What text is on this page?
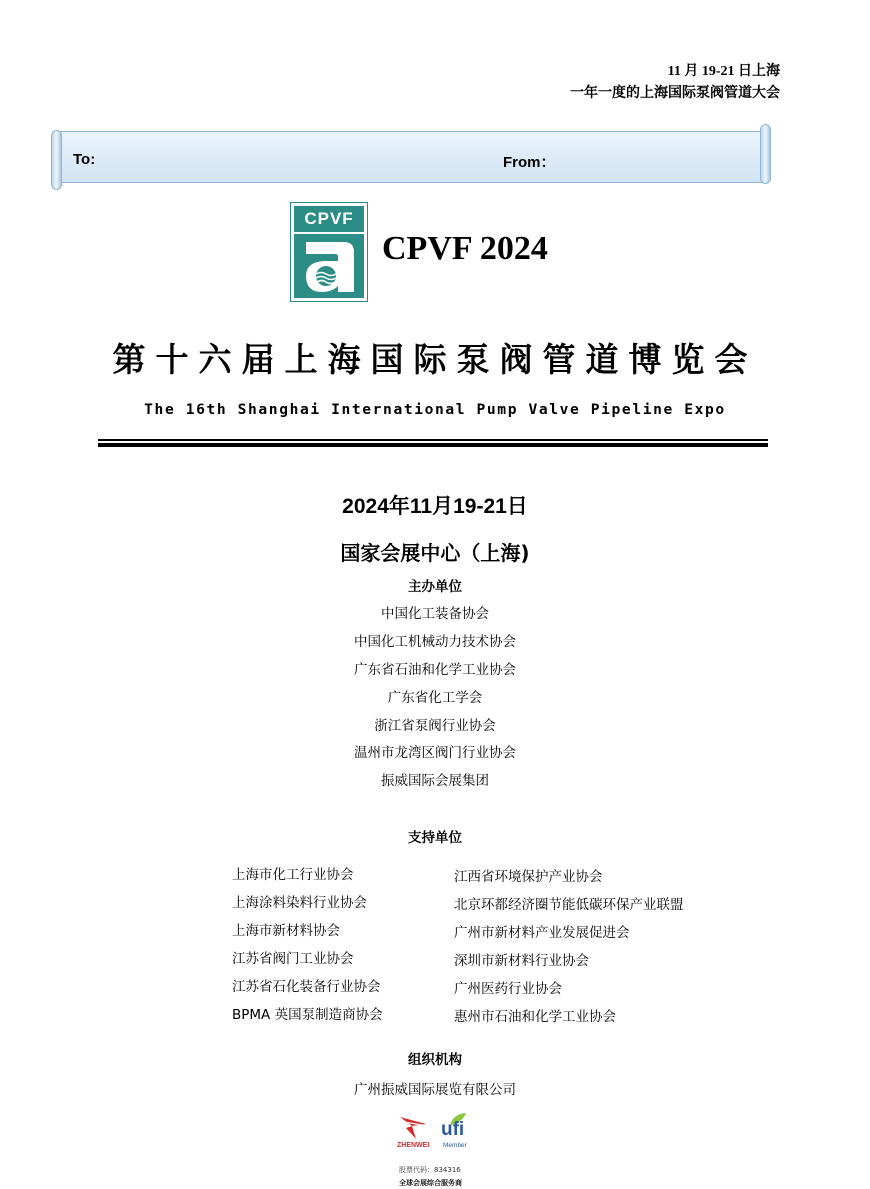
11 月 19-21 日上海
一年一度的上海国际泵阀管道大会
To:	From：
CPVF
CPVF 2024
第十六届上海国际泵阀管道博览会
The 16th Shanghai International Pump Valve Pipeline Expo
2024年11月19-21日
国家会展中心（上海)
主办单位
中国化工装备协会
中国化工机械动力技术协会
广东省石油和化学工业协会
广东省化工学会
浙江省泵阀行业协会
温州市龙湾区阀门行业协会
振威国际会展集团
支持单位
上海市化工行业协会
上海涂料染料行业协会
上海市新材料协会
江苏省阀门工业协会
江苏省石化装备行业协会
BPMA 英国泵制造商协会
江西省环境保护产业协会
北京环都经济圈节能低碳环保产业联盟
广州市新材料产业发展促进会
深圳市新材料行业协会
广州医药行业协会
惠州市石油和化学工业协会
组织机构
广州振威国际展览有限公司
ZHENWEI
ufi
Member
股票代码：834316
全球会展综合服务商
